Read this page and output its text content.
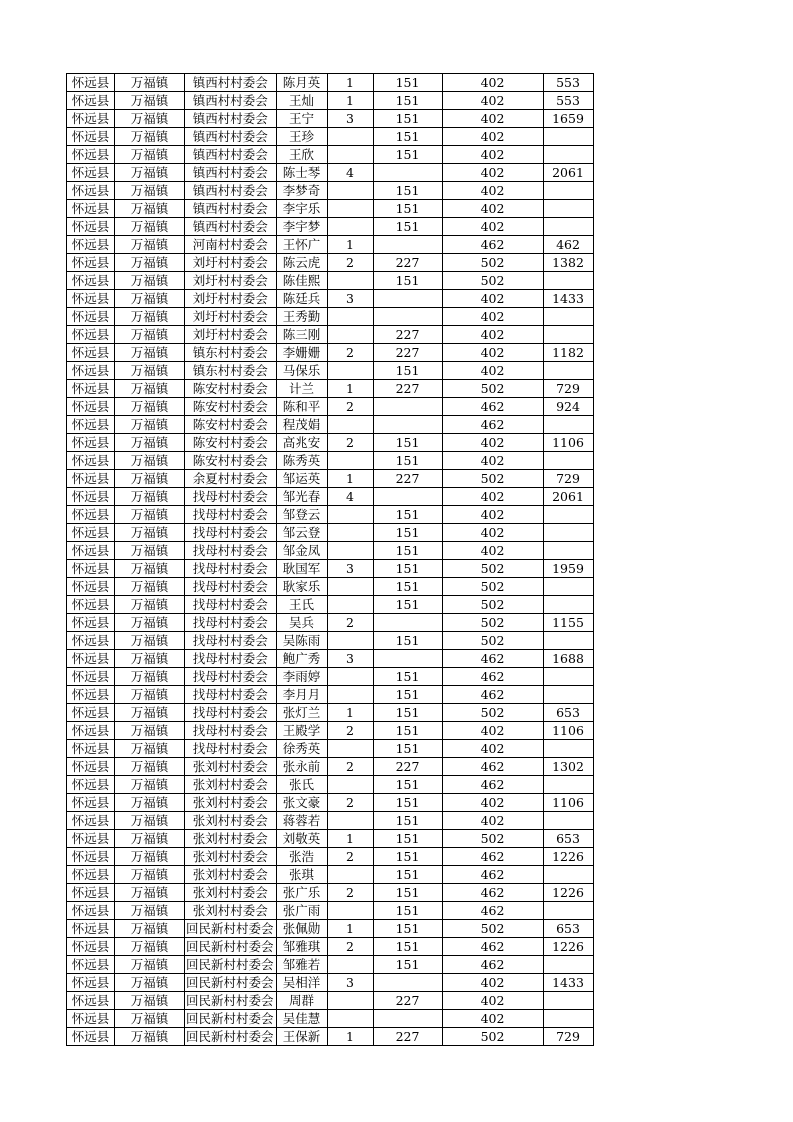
怀远县	万福镇	镇西村村委会	陈月英	1	151	402	553
怀远县	万福镇	镇西村村委会	王灿	1	151	402	553
怀远县	万福镇	镇西村村委会	王宁	3	151	402	1659
怀远县	万福镇	镇西村村委会	王珍		151	402	
怀远县	万福镇	镇西村村委会	王欣		151	402	
怀远县	万福镇	镇西村村委会	陈士琴	4		402	2061
怀远县	万福镇	镇西村村委会	李梦奇		151	402	
怀远县	万福镇	镇西村村委会	李宇乐		151	402	
怀远县	万福镇	镇西村村委会	李宇梦		151	402	
怀远县	万福镇	河南村村委会	王怀广	1		462	462
怀远县	万福镇	刘圩村村委会	陈云虎	2	227	502	1382
怀远县	万福镇	刘圩村村委会	陈佳熙		151	502	
怀远县	万福镇	刘圩村村委会	陈廷兵	3		402	1433
怀远县	万福镇	刘圩村村委会	王秀勤			402	
怀远县	万福镇	刘圩村村委会	陈三刚		227	402	
怀远县	万福镇	镇东村村委会	李姗姗	2	227	402	1182
怀远县	万福镇	镇东村村委会	马保乐		151	402	
怀远县	万福镇	陈安村村委会	计兰	1	227	502	729
怀远县	万福镇	陈安村村委会	陈和平	2		462	924
怀远县	万福镇	陈安村村委会	程茂娟			462	
怀远县	万福镇	陈安村村委会	高兆安	2	151	402	1106
怀远县	万福镇	陈安村村委会	陈秀英		151	402	
怀远县	万福镇	余夏村村委会	邹运英	1	227	502	729
怀远县	万福镇	找母村村委会	邹光春	4		402	2061
怀远县	万福镇	找母村村委会	邹登云		151	402	
怀远县	万福镇	找母村村委会	邹云登		151	402	
怀远县	万福镇	找母村村委会	邹金凤		151	402	
怀远县	万福镇	找母村村委会	耿国军	3	151	502	1959
怀远县	万福镇	找母村村委会	耿家乐		151	502	
怀远县	万福镇	找母村村委会	王氏		151	502	
怀远县	万福镇	找母村村委会	吴兵	2		502	1155
怀远县	万福镇	找母村村委会	吴陈雨		151	502	
怀远县	万福镇	找母村村委会	鲍广秀	3		462	1688
怀远县	万福镇	找母村村委会	李雨婷		151	462	
怀远县	万福镇	找母村村委会	李月月		151	462	
怀远县	万福镇	找母村村委会	张灯兰	1	151	502	653
怀远县	万福镇	找母村村委会	王殿学	2	151	402	1106
怀远县	万福镇	找母村村委会	徐秀英		151	402	
怀远县	万福镇	张刘村村委会	张永前	2	227	462	1302
怀远县	万福镇	张刘村村委会	张氏		151	462	
怀远县	万福镇	张刘村村委会	张文豪	2	151	402	1106
怀远县	万福镇	张刘村村委会	蒋蓉若		151	402	
怀远县	万福镇	张刘村村委会	刘敬英	1	151	502	653
怀远县	万福镇	张刘村村委会	张浩	2	151	462	1226
怀远县	万福镇	张刘村村委会	张琪		151	462	
怀远县	万福镇	张刘村村委会	张广乐	2	151	462	1226
怀远县	万福镇	张刘村村委会	张广雨		151	462	
怀远县	万福镇	回民新村村委会	张佩勋	1	151	502	653
怀远县	万福镇	回民新村村委会	邹雅琪	2	151	462	1226
怀远县	万福镇	回民新村村委会	邹雅若		151	462	
怀远县	万福镇	回民新村村委会	吴相洋	3		402	1433
怀远县	万福镇	回民新村村委会	周群		227	402	
怀远县	万福镇	回民新村村委会	吴佳慧			402	
怀远县	万福镇	回民新村村委会	王保新	1	227	502	729
